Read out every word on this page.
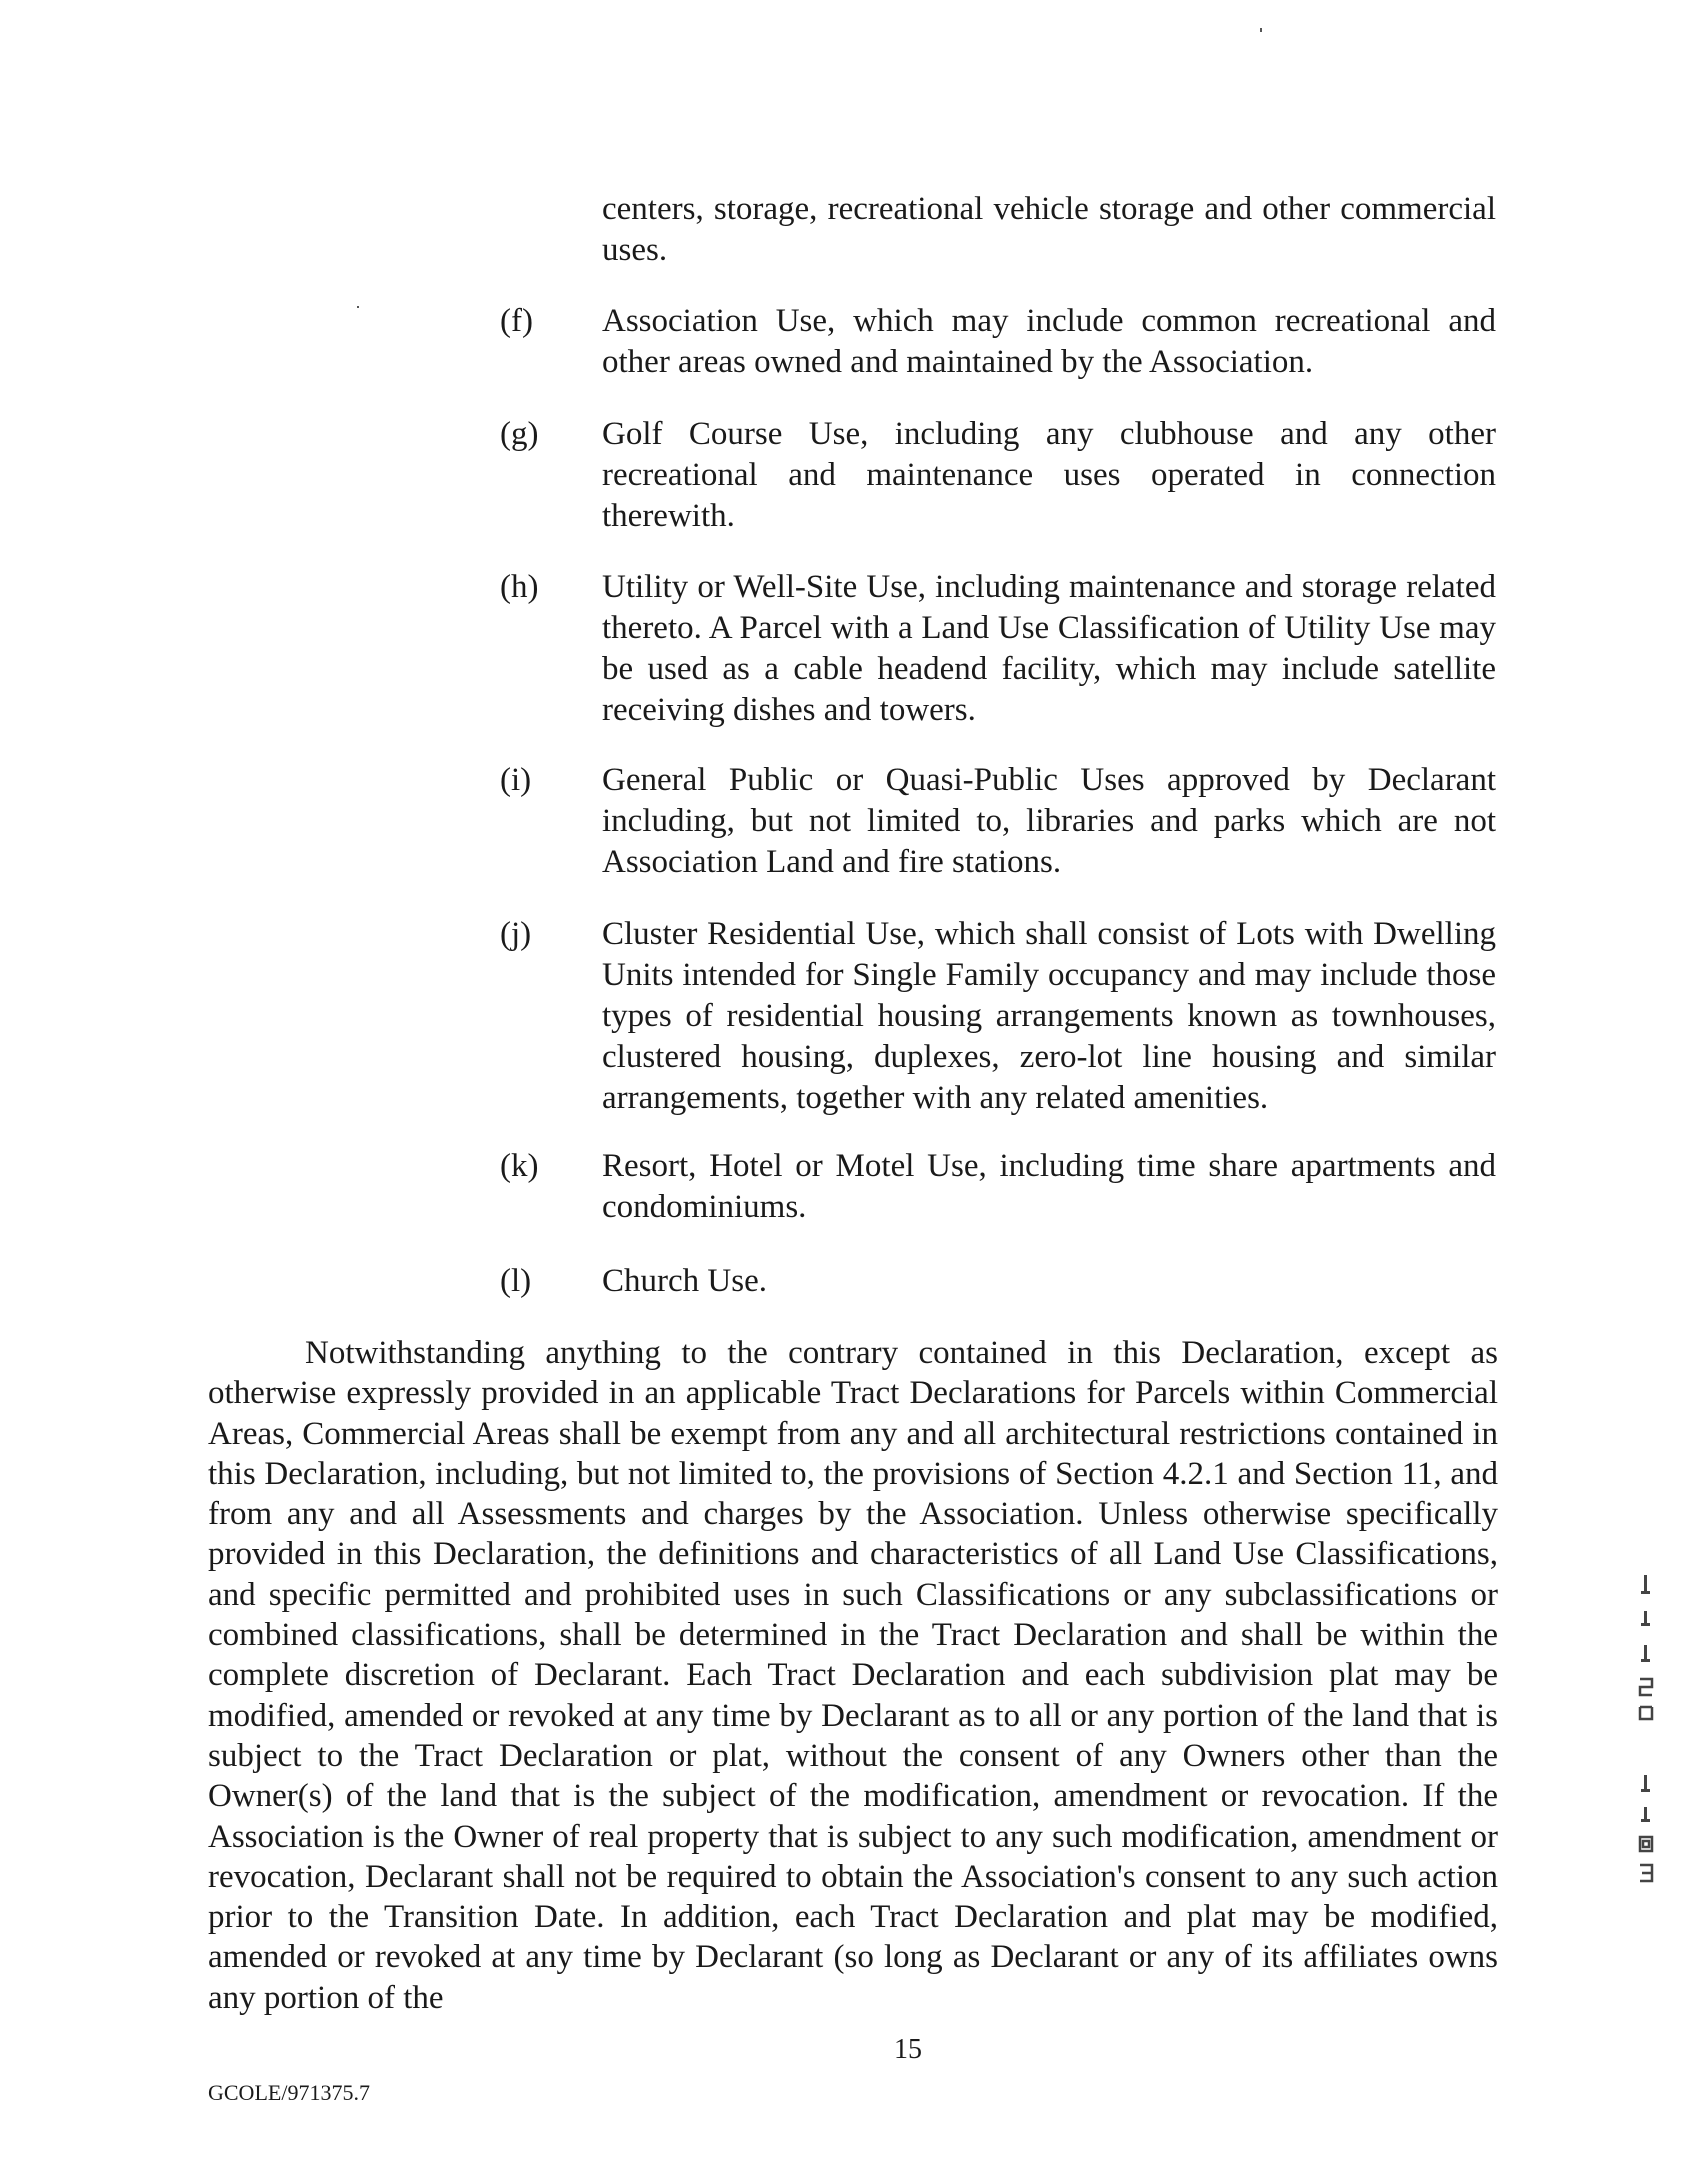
centers, storage, recreational vehicle storage and other commercial uses.
(f) Association Use, which may include common recreational and other areas owned and maintained by the Association.
(g) Golf Course Use, including any clubhouse and any other recreational and maintenance uses operated in connection therewith.
(h) Utility or Well-Site Use, including maintenance and storage related thereto. A Parcel with a Land Use Classification of Utility Use may be used as a cable headend facility, which may include satellite receiving dishes and towers.
(i) General Public or Quasi-Public Uses approved by Declarant including, but not limited to, libraries and parks which are not Association Land and fire stations.
(j) Cluster Residential Use, which shall consist of Lots with Dwelling Units intended for Single Family occupancy and may include those types of residential housing arrangements known as townhouses, clustered housing, duplexes, zero-lot line housing and similar arrangements, together with any related amenities.
(k) Resort, Hotel or Motel Use, including time share apartments and condominiums.
(l) Church Use.
Notwithstanding anything to the contrary contained in this Declaration, except as otherwise expressly provided in an applicable Tract Declarations for Parcels within Commercial Areas, Commercial Areas shall be exempt from any and all architectural restrictions contained in this Declaration, including, but not limited to, the provisions of Section 4.2.1 and Section 11, and from any and all Assessments and charges by the Association. Unless otherwise specifically provided in this Declaration, the definitions and characteristics of all Land Use Classifications, and specific permitted and prohibited uses in such Classifications or any subclassifications or combined classifications, shall be determined in the Tract Declaration and shall be within the complete discretion of Declarant. Each Tract Declaration and each subdivision plat may be modified, amended or revoked at any time by Declarant as to all or any portion of the land that is subject to the Tract Declaration or plat, without the consent of any Owners other than the Owner(s) of the land that is the subject of the modification, amendment or revocation. If the Association is the Owner of real property that is subject to any such modification, amendment or revocation, Declarant shall not be required to obtain the Association's consent to any such action prior to the Transition Date. In addition, each Tract Declaration and plat may be modified, amended or revoked at any time by Declarant (so long as Declarant or any of its affiliates owns any portion of the
15
GCOLE/971375.7
